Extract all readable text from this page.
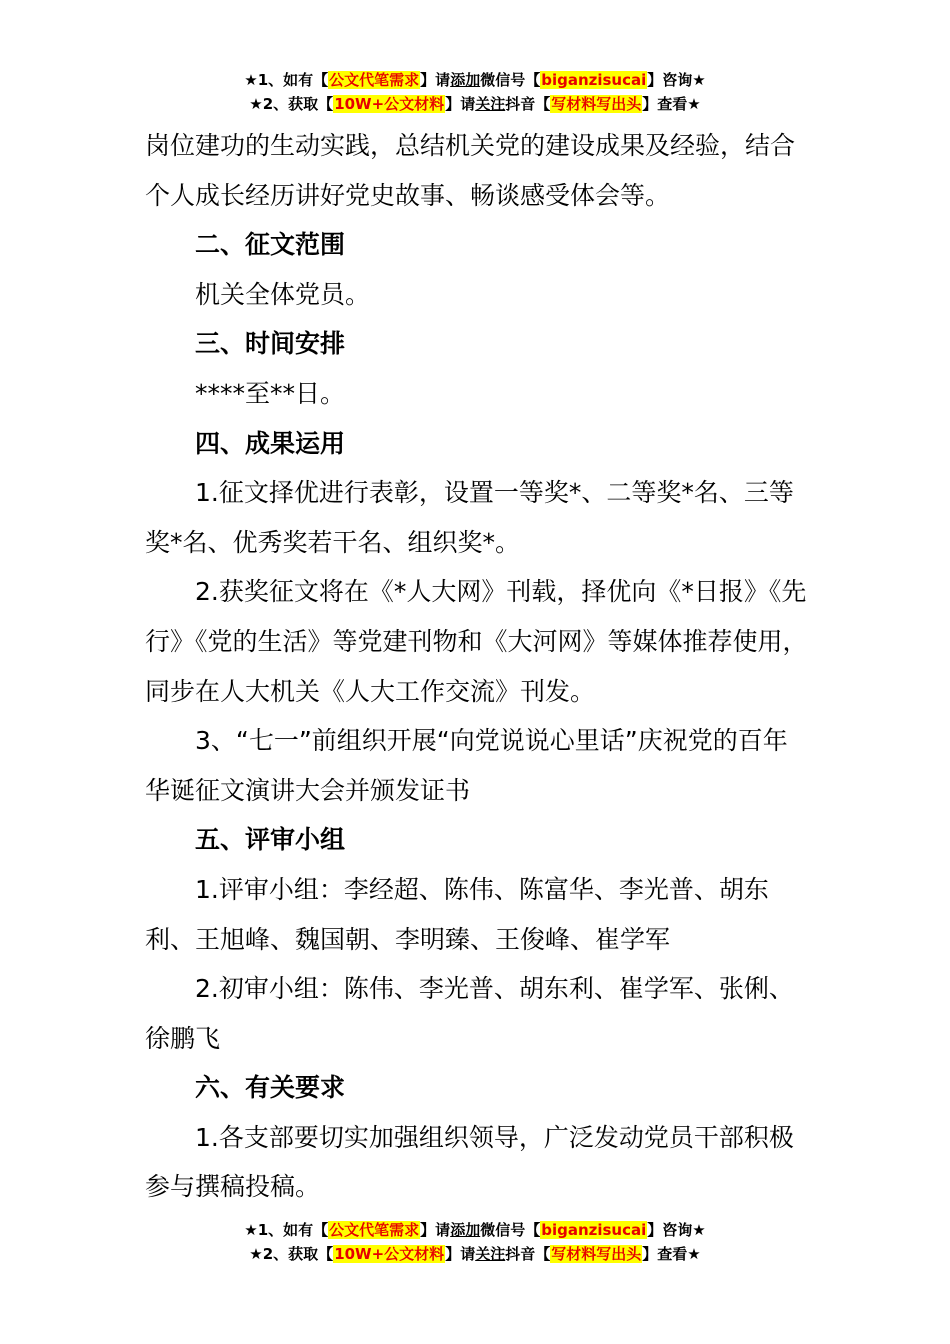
★1、如有【公文代笔需求】请添加微信号【biganzisucai】咨询★
★2、获取【10W+公文材料】请关注抖音【写材料写出头】查看★

岗位建功的生动实践，总结机关党的建设成果及经验，结合个人成长经历讲好党史故事、畅谈感受体会等。

二、征文范围

机关全体党员。

三、时间安排

****至**日。

四、成果运用

1.征文择优进行表彰，设置一等奖*、二等奖*名、三等奖*名、优秀奖若干名、组织奖*。

2.获奖征文将在《*人大网》刊载，择优向《*日报》《先行》《党的生活》等党建刊物和《大河网》等媒体推荐使用，同步在人大机关《人大工作交流》刊发。

3、“七一”前组织开展“向党说说心里话”庆祝党的百年华诞征文演讲大会并颁发证书

五、评审小组

1.评审小组：李经超、陈伟、陈富华、李光普、胡东利、王旭峰、魏国朝、李明臻、王俊峰、崔学军

2.初审小组：陈伟、李光普、胡东利、崔学军、张俐、徐鹏飞

六、有关要求

1.各支部要切实加强组织领导，广泛发动党员干部积极参与撰稿投稿。

★1、如有【公文代笔需求】请添加微信号【biganzisucai】咨询★
★2、获取【10W+公文材料】请关注抖音【写材料写出头】查看★
